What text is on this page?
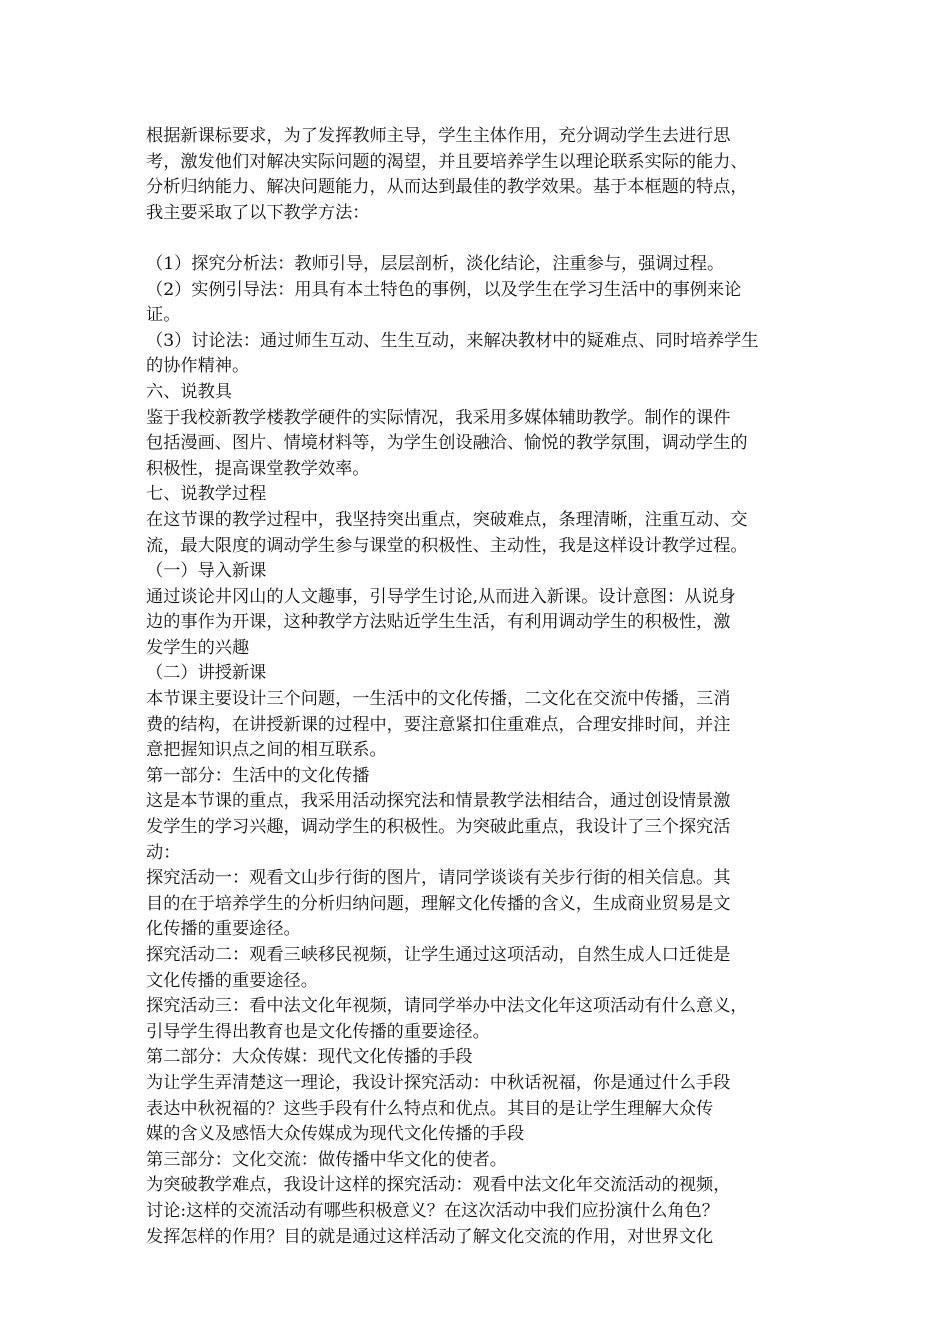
根据新课标要求，为了发挥教师主导，学生主体作用，充分调动学生去进行思
考，激发他们对解决实际问题的渴望，并且要培养学生以理论联系实际的能力、
分析归纳能力、解决问题能力，从而达到最佳的教学效果。基于本框题的特点，
我主要采取了以下教学方法：
（1）探究分析法：教师引导，层层剖析，淡化结论，注重参与，强调过程。
（2）实例引导法：用具有本土特色的事例，以及学生在学习生活中的事例来论
证。
（3）讨论法：通过师生互动、生生互动，来解决教材中的疑难点、同时培养学生
的协作精神。
六、说教具
鉴于我校新教学楼教学硬件的实际情况，我采用多媒体辅助教学。制作的课件
包括漫画、图片、情境材料等，为学生创设融洽、愉悦的教学氛围，调动学生的
积极性，提高课堂教学效率。
七、说教学过程
在这节课的教学过程中，我坚持突出重点，突破难点，条理清晰，注重互动、交
流，最大限度的调动学生参与课堂的积极性、主动性，我是这样设计教学过程。
（一）导入新课
通过谈论井冈山的人文趣事，引导学生讨论,从而进入新课。设计意图：从说身
边的事作为开课，这种教学方法贴近学生生活，有利用调动学生的积极性，激
发学生的兴趣
（二）讲授新课
本节课主要设计三个问题，一生活中的文化传播，二文化在交流中传播，三消
费的结构，在讲授新课的过程中，要注意紧扣住重难点，合理安排时间，并注
意把握知识点之间的相互联系。
第一部分：生活中的文化传播
这是本节课的重点，我采用活动探究法和情景教学法相结合，通过创设情景激
发学生的学习兴趣，调动学生的积极性。为突破此重点，我设计了三个探究活
动：
探究活动一：观看文山步行街的图片，请同学谈谈有关步行街的相关信息。其
目的在于培养学生的分析归纳问题，理解文化传播的含义，生成商业贸易是文
化传播的重要途径。
探究活动二：观看三峡移民视频，让学生通过这项活动，自然生成人口迁徙是
文化传播的重要途径。
探究活动三：看中法文化年视频，请同学举办中法文化年这项活动有什么意义，
引导学生得出教育也是文化传播的重要途径。
第二部分：大众传媒：现代文化传播的手段
为让学生弄清楚这一理论，我设计探究活动：中秋话祝福，你是通过什么手段
表达中秋祝福的？这些手段有什么特点和优点。其目的是让学生理解大众传
媒的含义及感悟大众传媒成为现代文化传播的手段
第三部分：文化交流：做传播中华文化的使者。
为突破教学难点，我设计这样的探究活动：观看中法文化年交流活动的视频，
讨论:这样的交流活动有哪些积极意义？在这次活动中我们应扮演什么角色？
发挥怎样的作用？目的就是通过这样活动了解文化交流的作用，对世界文化
